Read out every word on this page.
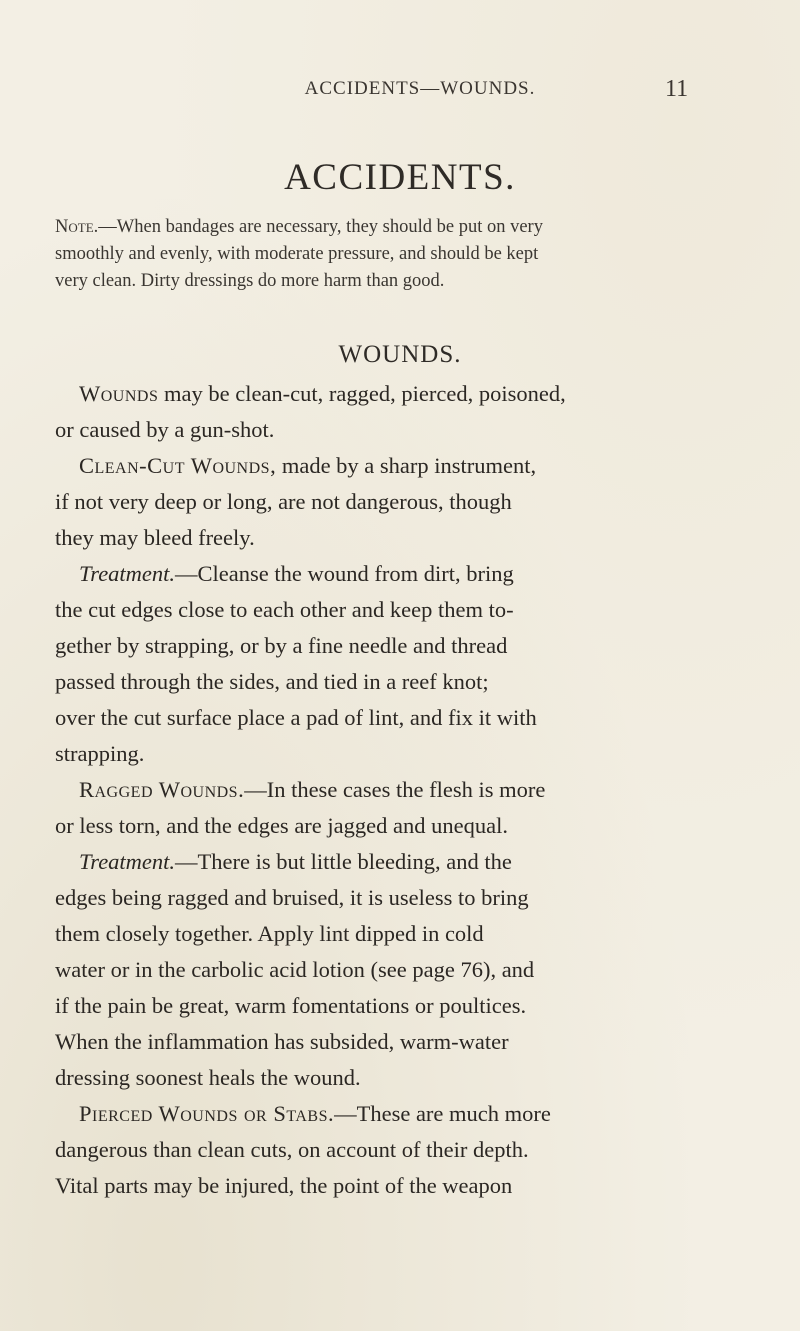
ACCIDENTS—WOUNDS.	11
ACCIDENTS.
Note.—When bandages are necessary, they should be put on very
smoothly and evenly, with moderate pressure, and should be kept
very clean. Dirty dressings do more harm than good.
WOUNDS.

Wounds may be clean-cut, ragged, pierced, poisoned,
or caused by a gun-shot.

Clean-Cut Wounds, made by a sharp instrument,
if not very deep or long, are not dangerous, though
they may bleed freely.

Treatment.—Cleanse the wound from dirt, bring
the cut edges close to each other and keep them to-
gether by strapping, or by a fine needle and thread
passed through the sides, and tied in a reef knot;
over the cut surface place a pad of lint, and fix it with
strapping.

Ragged Wounds.—In these cases the flesh is more
or less torn, and the edges are jagged and unequal.

Treatment.—There is but little bleeding, and the
edges being ragged and bruised, it is useless to bring
them closely together. Apply lint dipped in cold
water or in the carbolic acid lotion (see page 76), and
if the pain be great, warm fomentations or poultices.
When the inflammation has subsided, warm-water
dressing soonest heals the wound.

Pierced Wounds or Stabs.—These are much more
dangerous than clean cuts, on account of their depth.
Vital parts may be injured, the point of the weapon
